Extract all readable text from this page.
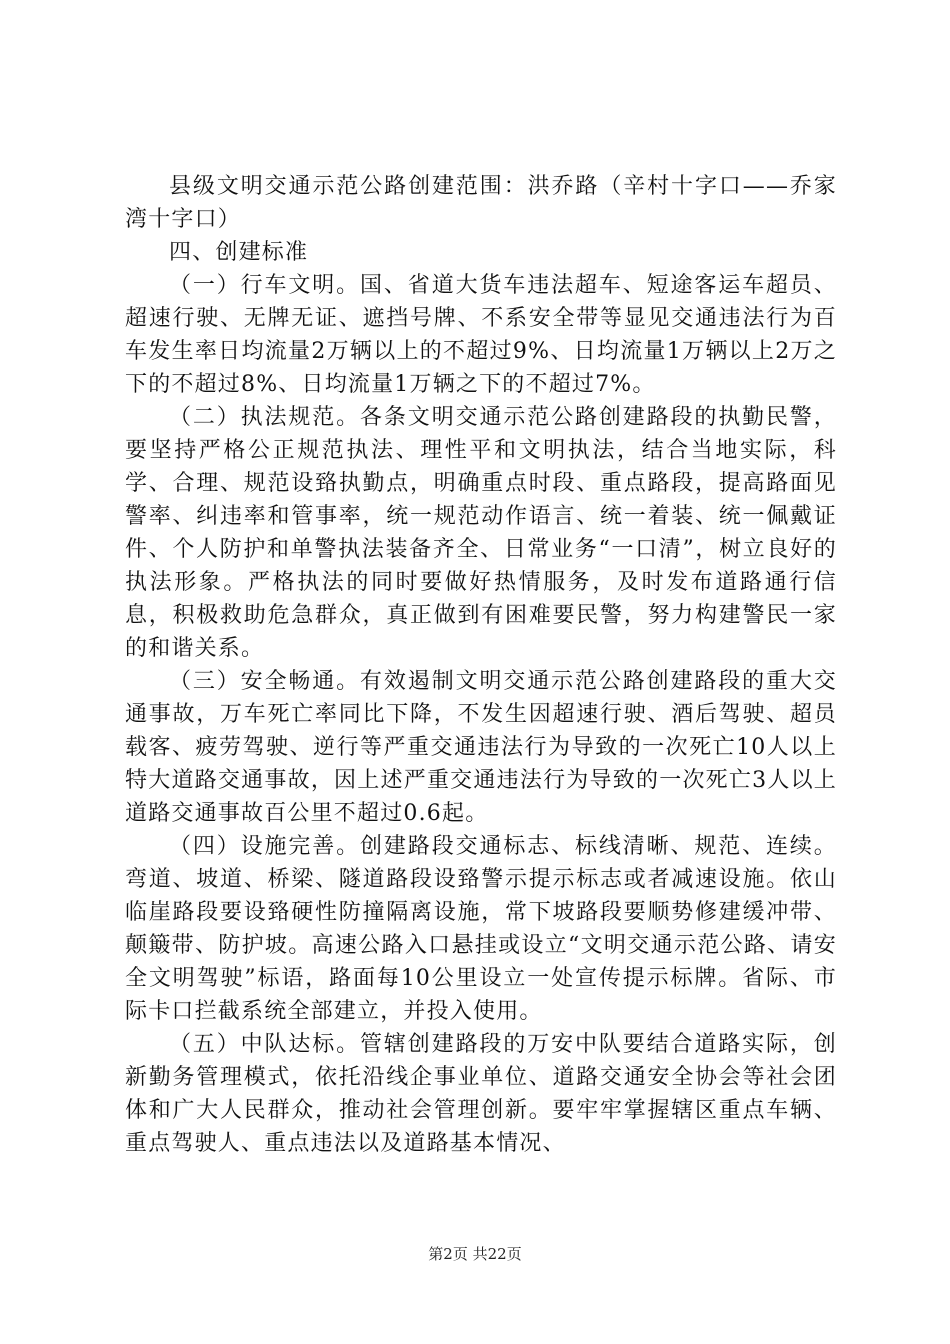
县级文明交通示范公路创建范围：洪乔路（辛村十字口——乔家湾十字口）

四、创建标准

（一）行车文明。国、省道大货车违法超车、短途客运车超员、超速行驶、无牌无证、遮挡号牌、不系安全带等显见交通违法行为百车发生率日均流量2万辆以上的不超过9%、日均流量1万辆以上2万之下的不超过8%、日均流量1万辆之下的不超过7%。

（二）执法规范。各条文明交通示范公路创建路段的执勤民警，要坚持严格公正规范执法、理性平和文明执法，结合当地实际，科学、合理、规范设臵执勤点，明确重点时段、重点路段，提高路面见警率、纠违率和管事率，统一规范动作语言、统一着装、统一佩戴证件、个人防护和单警执法装备齐全、日常业务“一口清”，树立良好的执法形象。严格执法的同时要做好热情服务，及时发布道路通行信息，积极救助危急群众，真正做到有困难要民警，努力构建警民一家的和谐关系。

（三）安全畅通。有效遏制文明交通示范公路创建路段的重大交通事故，万车死亡率同比下降，不发生因超速行驶、酒后驾驶、超员载客、疲劳驾驶、逆行等严重交通违法行为导致的一次死亡10人以上特大道路交通事故，因上述严重交通违法行为导致的一次死亡3人以上道路交通事故百公里不超过0.6起。

（四）设施完善。创建路段交通标志、标线清晰、规范、连续。弯道、坡道、桥梁、隧道路段设臵警示提示标志或者减速设施。依山临崖路段要设臵硬性防撞隔离设施，常下坡路段要顺势修建缓冲带、颠簸带、防护坡。高速公路入口悬挂或设立“文明交通示范公路、请安全文明驾驶”标语，路面每10公里设立一处宣传提示标牌。省际、市际卡口拦截系统全部建立，并投入使用。

（五）中队达标。管辖创建路段的万安中队要结合道路实际，创新勤务管理模式，依托沿线企事业单位、道路交通安全协会等社会团体和广大人民群众，推动社会管理创新。要牢牢掌握辖区重点车辆、重点驾驶人、重点违法以及道路基本情况、

第2页 共22页
